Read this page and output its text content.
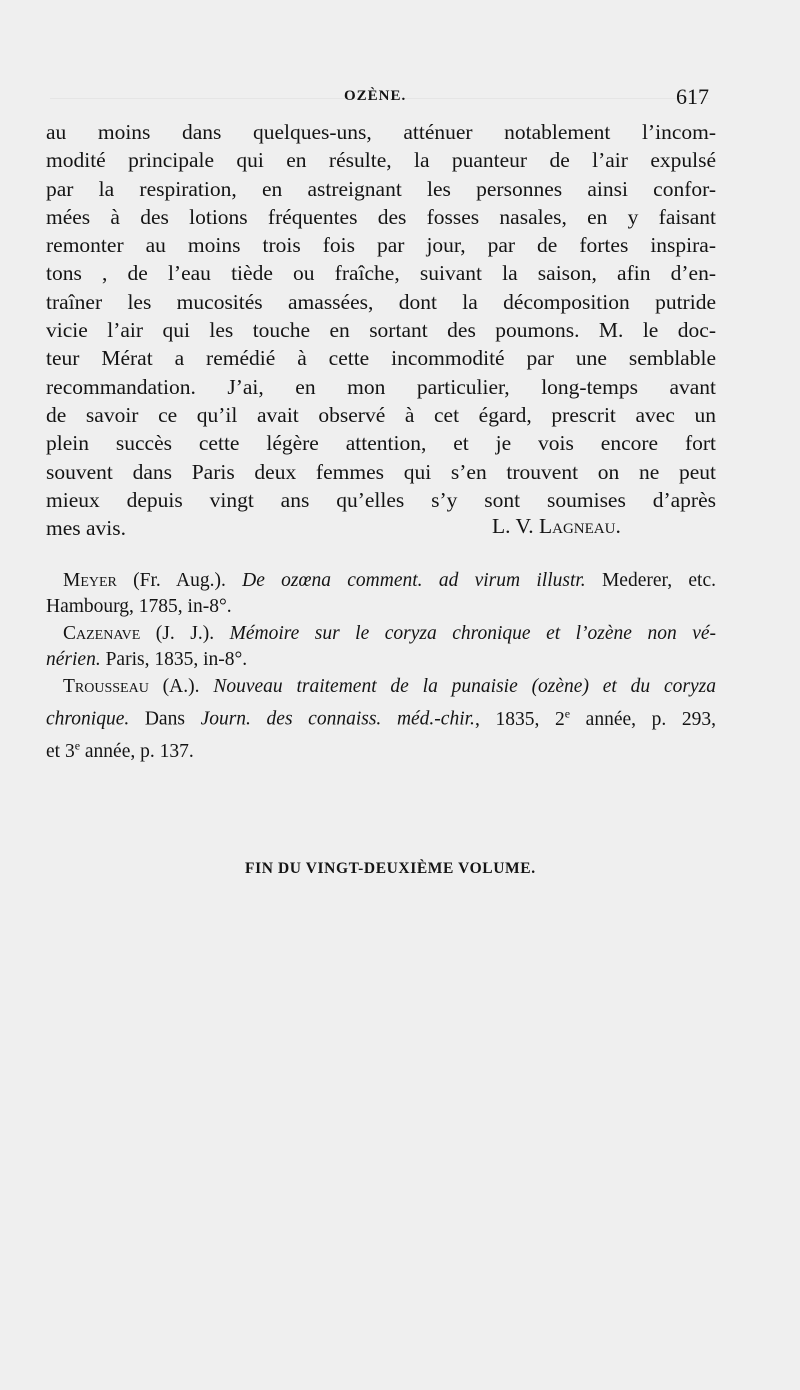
OZÈNE.	617
au moins dans quelques-uns, atténuer notablement l’incom-
modité principale qui en résulte, la puanteur de l’air expulsé
par la respiration, en astreignant les personnes ainsi confor-
mées à des lotions fréquentes des fosses nasales, en y faisant
remonter au moins trois fois par jour, par de fortes inspira-
tons , de l’eau tiède ou fraîche, suivant la saison, afin d’en-
traîner les mucosités amassées, dont la décomposition putride
vicie l’air qui les touche en sortant des poumons. M. le doc-
teur Mérat a remédié à cette incommodité par une semblable
recommandation. J’ai, en mon particulier, long-temps avant
de savoir ce qu’il avait observé à cet égard, prescrit avec un
plein succès cette légère attention, et je vois encore fort
souvent dans Paris deux femmes qui s’en trouvent on ne peut
mieux depuis vingt ans qu’elles s’y sont soumises d’après
mes avis.	L. V. Lagneau.
Meyer (Fr. Aug.). De ozœna comment. ad virum illustr. Mederer, etc.
Hambourg, 1785, in-8°.
Cazenave (J. J.). Mémoire sur le coryza chronique et l’ozène non vé-
nérien. Paris, 1835, in-8°.
Trousseau (A.). Nouveau traitement de la punaisie (ozène) et du coryza
chronique. Dans Journ. des connaiss. méd.-chir., 1835, 2e année, p. 293,
et 3e année, p. 137.
FIN DU VINGT-DEUXIÈME VOLUME.
